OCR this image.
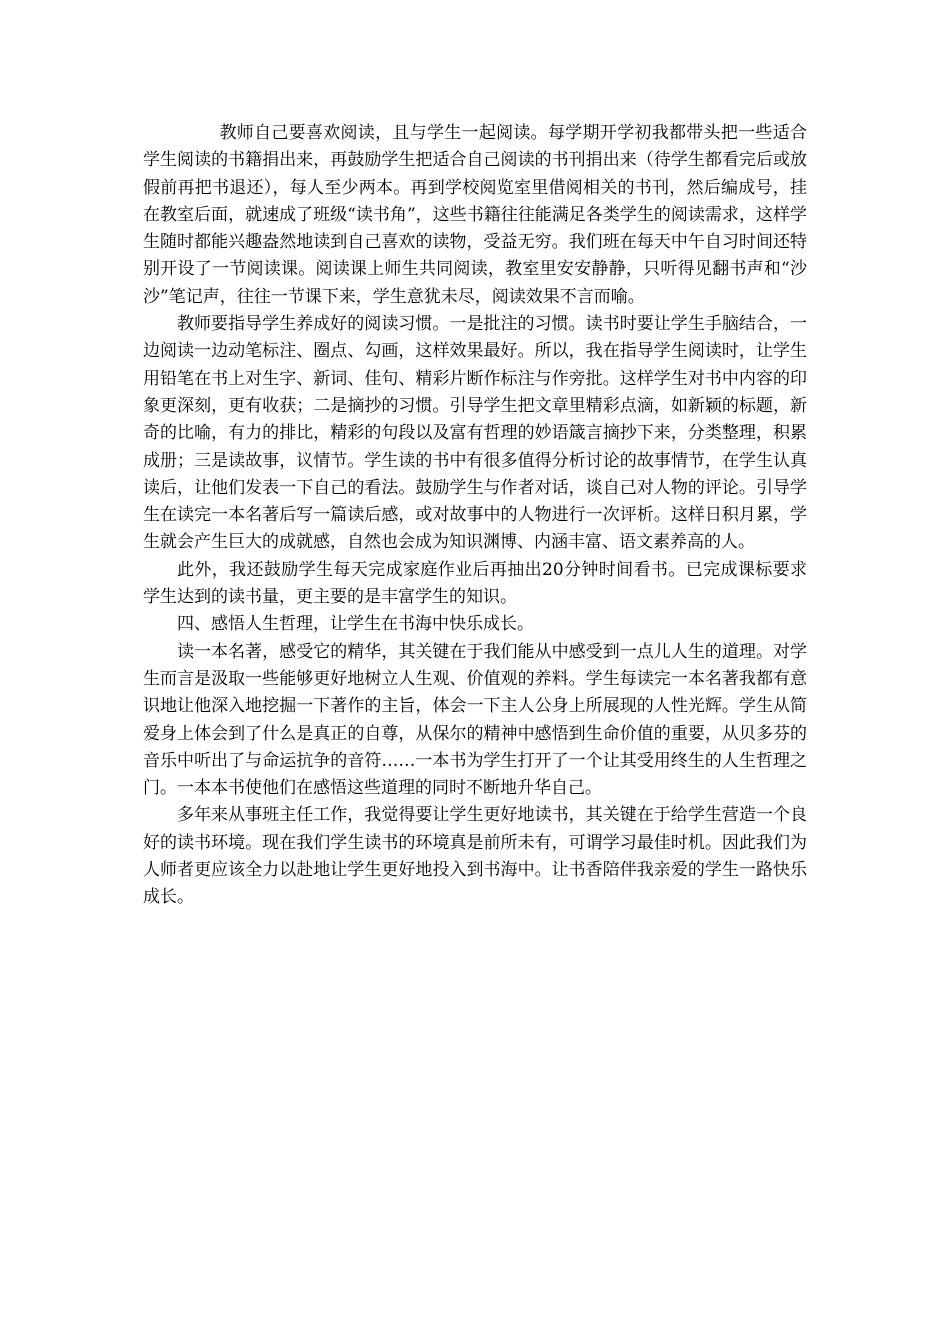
教师自己要喜欢阅读，且与学生一起阅读。每学期开学初我都带头把一些适合学生阅读的书籍捐出来，再鼓励学生把适合自己阅读的书刊捐出来（待学生都看完后或放假前再把书退还），每人至少两本。再到学校阅览室里借阅相关的书刊，然后编成号，挂在教室后面，就速成了班级“读书角”，这些书籍往往能满足各类学生的阅读需求，这样学生随时都能兴趣盎然地读到自己喜欢的读物，受益无穷。我们班在每天中午自习时间还特别开设了一节阅读课。阅读课上师生共同阅读，教室里安安静静，只听得见翻书声和“沙沙”笔记声，往往一节课下来，学生意犹未尽，阅读效果不言而喻。

教师要指导学生养成好的阅读习惯。一是批注的习惯。读书时要让学生手脑结合，一边阅读一边动笔标注、圈点、勾画，这样效果最好。所以，我在指导学生阅读时，让学生用铅笔在书上对生字、新词、佳句、精彩片断作标注与作旁批。这样学生对书中内容的印象更深刻，更有收获；二是摘抄的习惯。引导学生把文章里精彩点滴，如新颖的标题，新奇的比喻，有力的排比，精彩的句段以及富有哲理的妙语箴言摘抄下来，分类整理，积累成册；三是读故事，议情节。学生读的书中有很多值得分析讨论的故事情节，在学生认真读后，让他们发表一下自己的看法。鼓励学生与作者对话，谈自己对人物的评论。引导学生在读完一本名著后写一篇读后感，或对故事中的人物进行一次评析。这样日积月累，学生就会产生巨大的成就感，自然也会成为知识渊博、内涵丰富、语文素养高的人。

此外，我还鼓励学生每天完成家庭作业后再抽出20分钟时间看书。已完成课标要求学生达到的读书量，更主要的是丰富学生的知识。

四、感悟人生哲理，让学生在书海中快乐成长。

读一本名著，感受它的精华，其关键在于我们能从中感受到一点儿人生的道理。对学生而言是汲取一些能够更好地树立人生观、价值观的养料。学生每读完一本名著我都有意识地让他深入地挖掘一下著作的主旨，体会一下主人公身上所展现的人性光辉。学生从简爱身上体会到了什么是真正的自尊，从保尔的精神中感悟到生命价值的重要，从贝多芬的音乐中听出了与命运抗争的音符……一本书为学生打开了一个让其受用终生的人生哲理之门。一本本书使他们在感悟这些道理的同时不断地升华自己。

多年来从事班主任工作，我觉得要让学生更好地读书，其关键在于给学生营造一个良好的读书环境。现在我们学生读书的环境真是前所未有，可谓学习最佳时机。因此我们为人师者更应该全力以赴地让学生更好地投入到书海中。让书香陪伴我亲爱的学生一路快乐成长。
